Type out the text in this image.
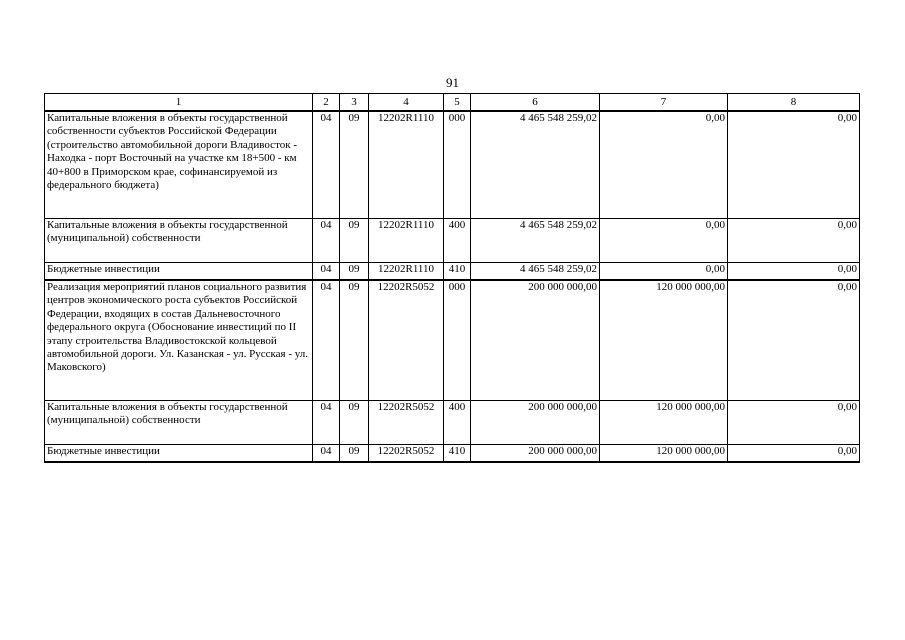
91
1	2	3	4	5	6	7	8
Капитальные вложения в объекты государственной собственности субъектов Российской Федерации (строительство автомобильной дороги Владивосток - Находка - порт Восточный на участке км 18+500 - км 40+800 в Приморском крае, софинансируемой из федерального бюджета)	04	09	12202R1110	000	4 465 548 259,02	0,00	0,00
Капитальные вложения в объекты государственной (муниципальной) собственности	04	09	12202R1110	400	4 465 548 259,02	0,00	0,00
Бюджетные инвестиции	04	09	12202R1110	410	4 465 548 259,02	0,00	0,00
Реализация мероприятий планов социального развития центров экономического роста субъектов Российской Федерации, входящих в состав Дальневосточного федерального округа (Обоснование инвестиций по II этапу строительства Владивостокской кольцевой автомобильной дороги. Ул. Казанская - ул. Русская - ул. Маковского)	04	09	12202R5052	000	200 000 000,00	120 000 000,00	0,00
Капитальные вложения в объекты государственной (муниципальной) собственности	04	09	12202R5052	400	200 000 000,00	120 000 000,00	0,00
Бюджетные инвестиции	04	09	12202R5052	410	200 000 000,00	120 000 000,00	0,00
